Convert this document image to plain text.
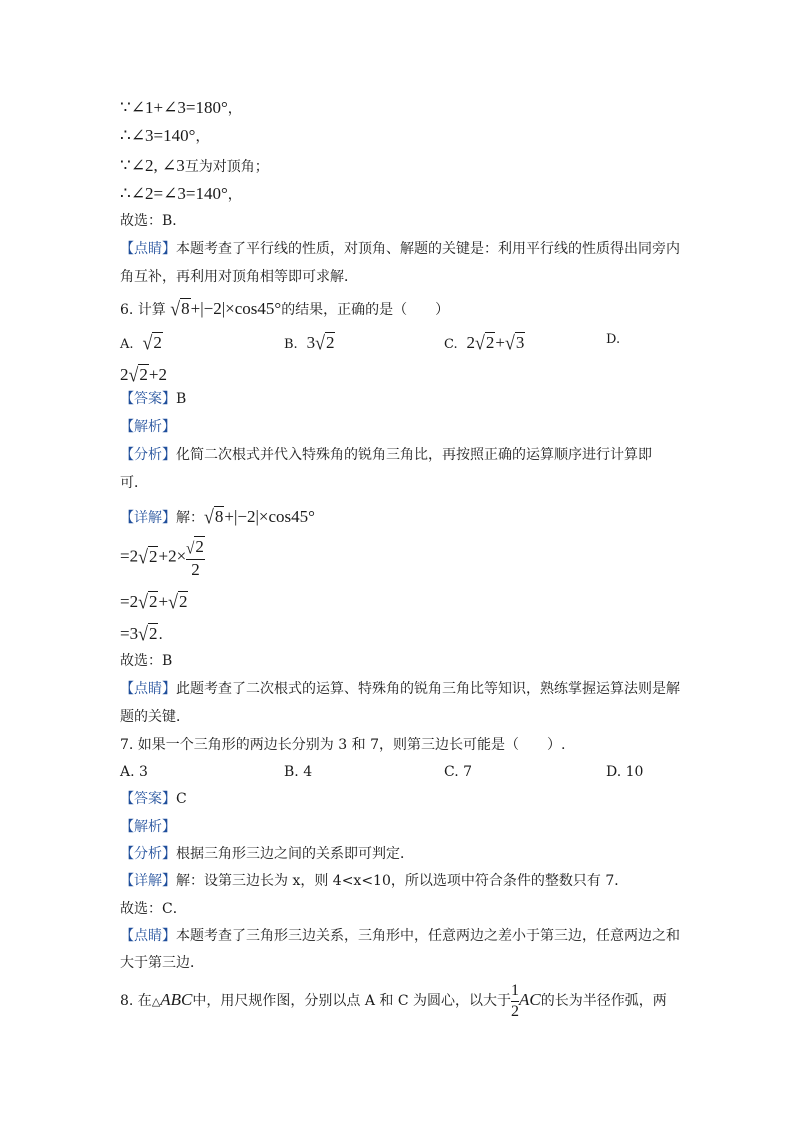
∵∠1+∠3=180°，
∴∠3=140°，
∵∠2, ∠3互为对顶角；
∴∠2=∠3=140°，
故选：B．
【点睛】本题考查了平行线的性质，对顶角、解题的关键是：利用平行线的性质得出同旁内
角互补，再利用对顶角相等即可求解．
6. 计算 √8+|−2|×cos45°的结果，正确的是（　　）
A. √2	B. 3√2	C. 2√2+√3	D.
2√2+2
【答案】B
【解析】
【分析】化简二次根式并代入特殊角的锐角三角比，再按照正确的运算顺序进行计算即
可．
【详解】解：√8+|−2|×cos45°
$=2√2+2\times \frac{√2}{2}$
=2√2+√2
=3√2．
故选：B
【点睛】此题考查了二次根式的运算、特殊角的锐角三角比等知识，熟练掌握运算法则是解
题的关键．
7. 如果一个三角形的两边长分别为 3 和 7，则第三边长可能是（　　）.
A. 3	B. 4	C. 7	D. 10
【答案】C
【解析】
【分析】根据三角形三边之间的关系即可判定．
【详解】解：设第三边长为 x，则 4<x<10，所以选项中符合条件的整数只有 7．
故选：C．
【点睛】本题考查了三角形三边关系，三角形中，任意两边之差小于第三边，任意两边之和
大于第三边．
8. 在△ABC中，用尺规作图，分别以点 A 和 C 为圆心，以大于 $\frac{1}{2}$ AC的长为半径作弧，两
